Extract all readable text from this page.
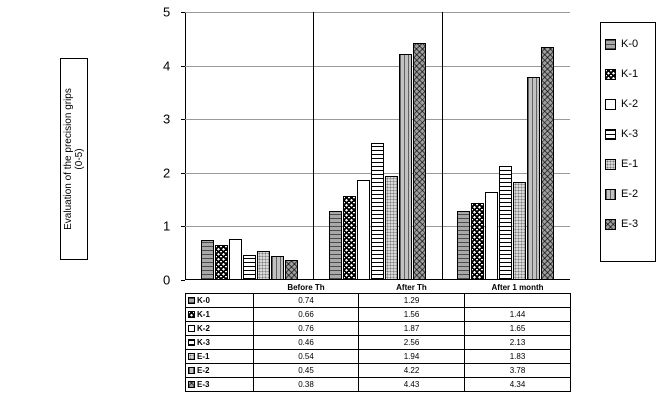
Evaluation of the precision grips
(0-5)
0
1
2
3
4
5
K-0
K-1
K-2
K-3
E-1
E-2
E-3
	Before Th	After Th	After 1 month
K-0	0.74	1.29	
K-1	0.66	1.56	1.44
K-2	0.76	1.87	1.65
K-3	0.46	2.56	2.13
E-1	0.54	1.94	1.83
E-2	0.45	4.22	3.78
E-3	0.38	4.43	4.34
